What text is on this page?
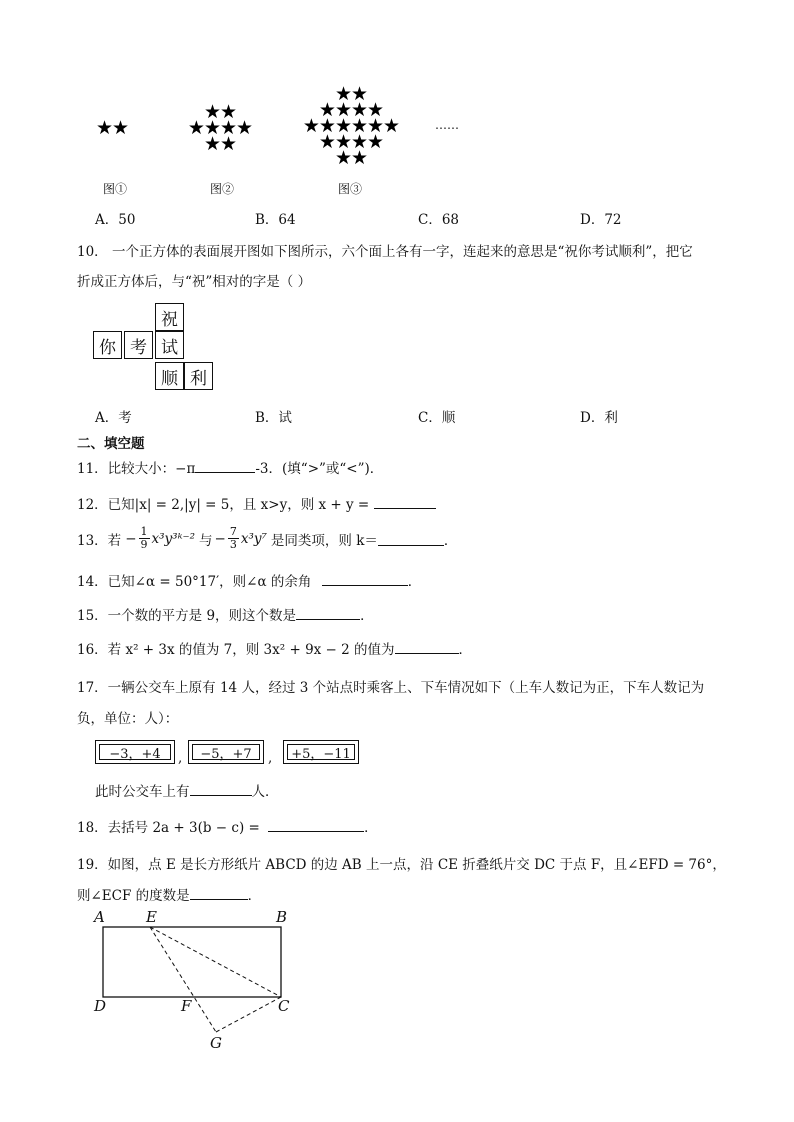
★★
★★
★★★★
★★
★★
★★★★
★★★★★★
★★★★
★★
……
图①	图②	图③
A．50	B．64	C．68	D．72
10． 一个正方体的表面展开图如下图所示，六个面上各有一字，连起来的意思是“祝你考试顺利”，把它
折成正方体后，与“祝”相对的字是（ ）
祝
你 考 试
顺 利
A．考	B．试	C．顺	D．利
二、填空题
11．比较大小：−π	-3．(填“>”或“<”)．
12．已知|x| = 2,|y| = 5，且 x>y，则 x + y =
13．若 − $\frac{1}{9}$ x³y³ᵏ⁻² 与 − $\frac{7}{3} x^3y^7$ 是同类项，则 k＝	．
14．已知∠α = 50°17′，则∠α 的余角	．
15．一个数的平方是 9，则这个数是	．
16．若 x² + 3x 的值为 7，则 3x² + 9x − 2 的值为	．
17．一辆公交车上原有 14 人，经过 3 个站点时乘客上、下车情况如下（上车人数记为正，下车人数记为
负，单位：人）：
−3，+4	,	−5，+7	,	+5，−11
此时公交车上有	人．
18．去括号 2a + 3(b − c) =	．
19．如图，点 E 是长方形纸片 ABCD 的边 AB 上一点，沿 CE 折叠纸片交 DC 于点 F，且∠EFD = 76°，
则∠ECF 的度数是	．
A	E	B
D	F	C
G
